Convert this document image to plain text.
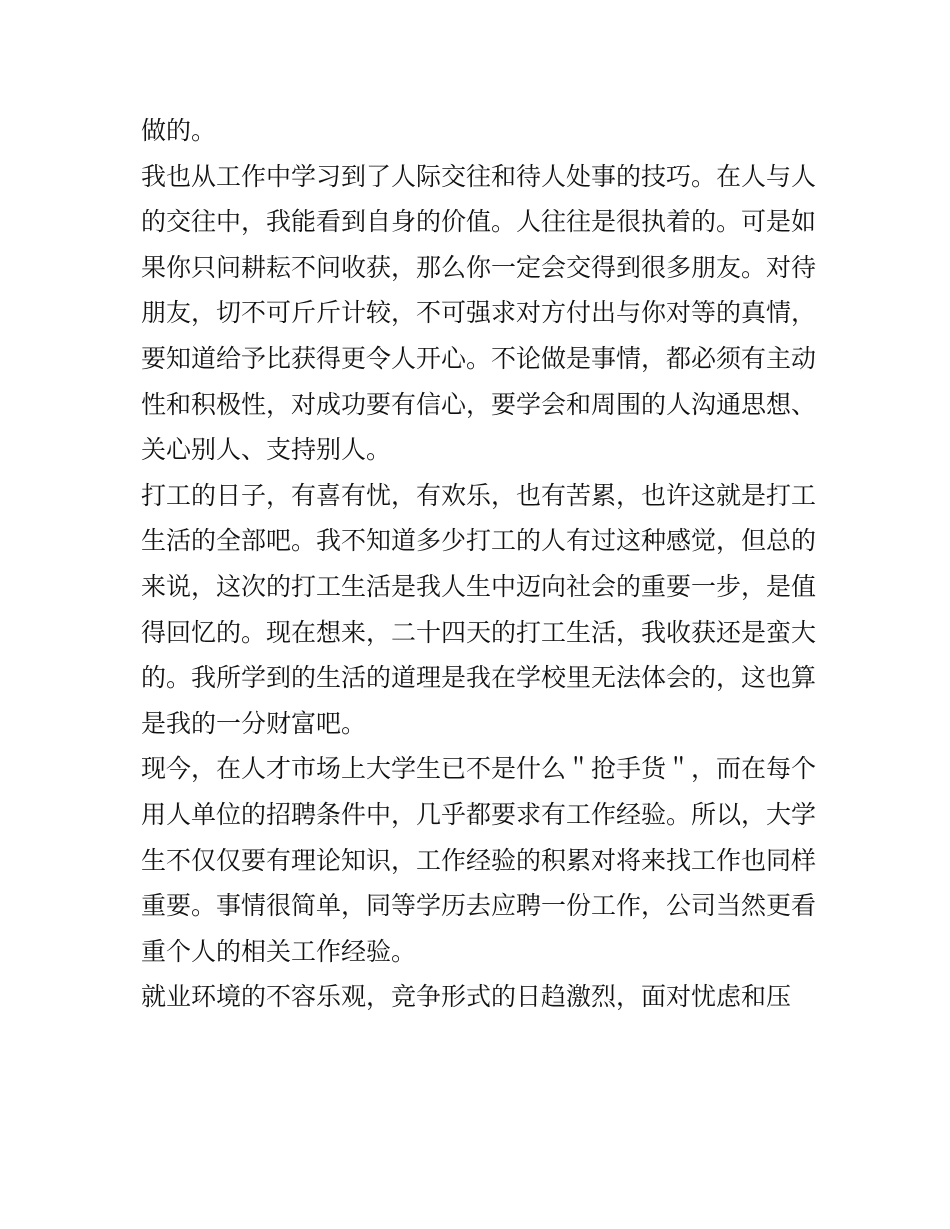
做的。
我也从工作中学习到了人际交往和待人处事的技巧。在人与人
的交往中，我能看到自身的价值。人往往是很执着的。可是如
果你只问耕耘不问收获，那么你一定会交得到很多朋友。对待
朋友，切不可斤斤计较，不可强求对方付出与你对等的真情，
要知道给予比获得更令人开心。不论做是事情，都必须有主动
性和积极性，对成功要有信心，要学会和周围的人沟通思想、
关心别人、支持别人。
打工的日子，有喜有忧，有欢乐，也有苦累，也许这就是打工
生活的全部吧。我不知道多少打工的人有过这种感觉，但总的
来说，这次的打工生活是我人生中迈向社会的重要一步，是值
得回忆的。现在想来，二十四天的打工生活，我收获还是蛮大
的。我所学到的生活的道理是我在学校里无法体会的，这也算
是我的一分财富吧。
现今，在人才市场上大学生已不是什么＂抢手货＂，而在每个
用人单位的招聘条件中，几乎都要求有工作经验。所以，大学
生不仅仅要有理论知识，工作经验的积累对将来找工作也同样
重要。事情很简单，同等学历去应聘一份工作，公司当然更看
重个人的相关工作经验。
就业环境的不容乐观，竞争形式的日趋激烈，面对忧虑和压
